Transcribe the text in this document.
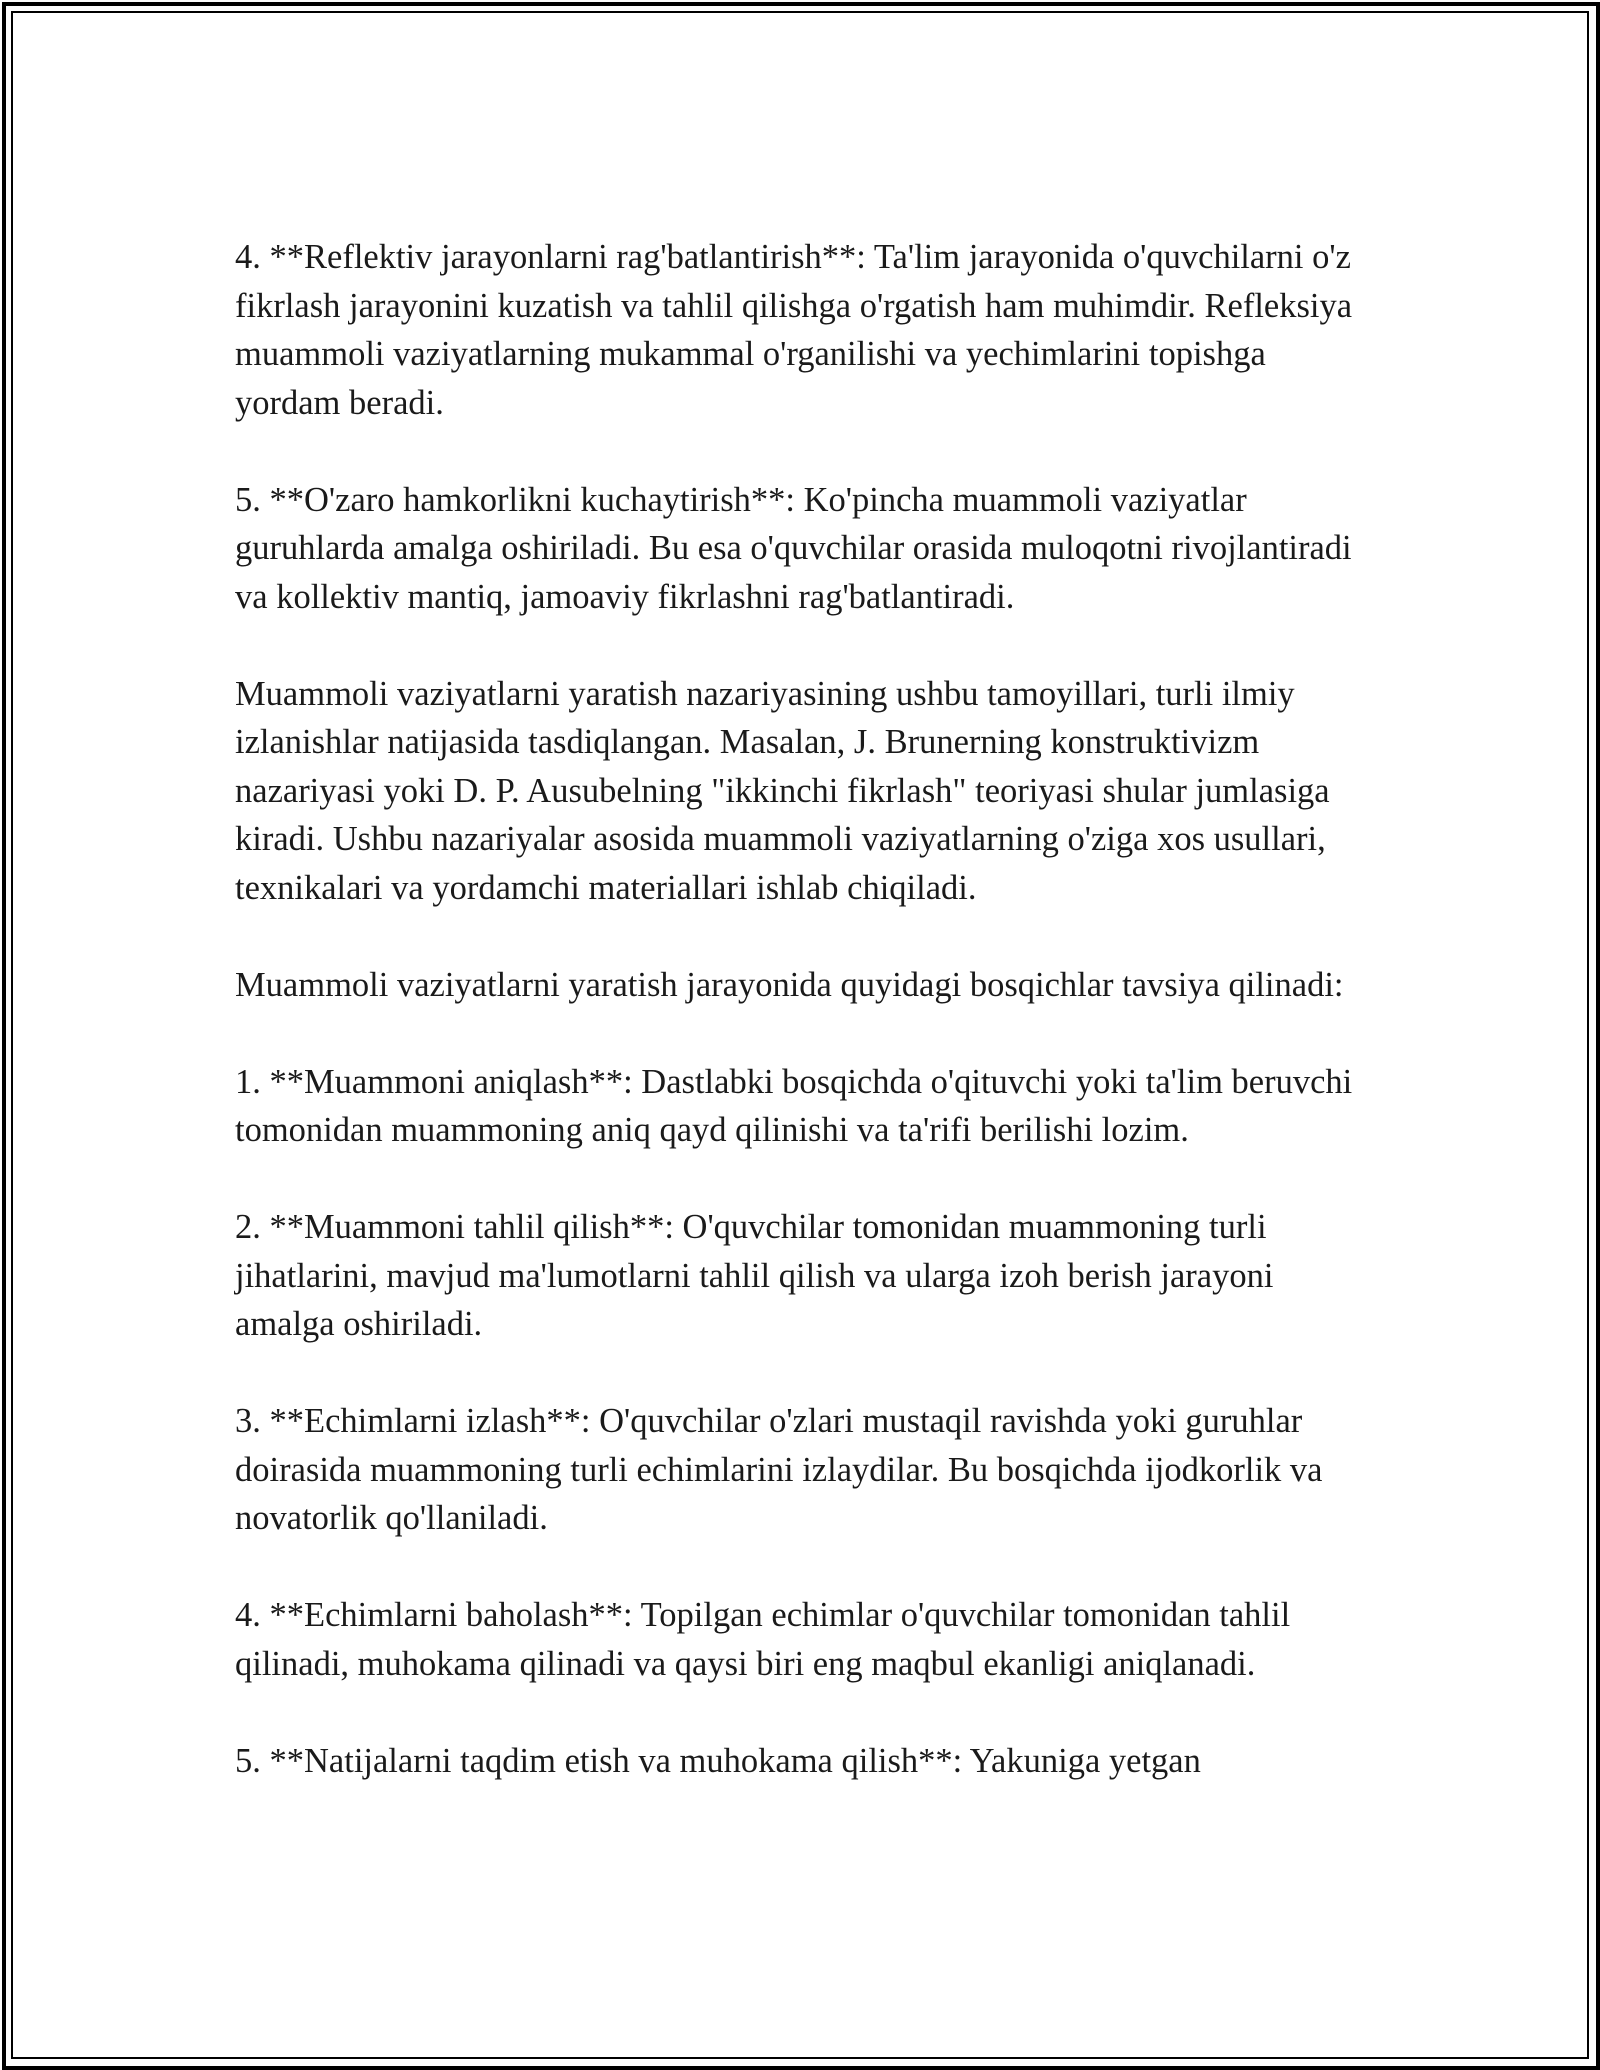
4. **Reflektiv jarayonlarni rag'batlantirish**: Ta'lim jarayonida o'quvchilarni o'z fikrlash jarayonini kuzatish va tahlil qilishga o'rgatish ham muhimdir. Refleksiya muammoli vaziyatlarning mukammal o'rganilishi va yechimlarini topishga yordam beradi.

5. **O'zaro hamkorlikni kuchaytirish**: Ko'pincha muammoli vaziyatlar guruhlarda amalga oshiriladi. Bu esa o'quvchilar orasida muloqotni rivojlantiradi va kollektiv mantiq, jamoaviy fikrlashni rag'batlantiradi.

Muammoli vaziyatlarni yaratish nazariyasining ushbu tamoyillari, turli ilmiy izlanishlar natijasida tasdiqlangan. Masalan, J. Brunerning konstruktivizm nazariyasi yoki D. P. Ausubelning "ikkinchi fikrlash" teoriyasi shular jumlasiga kiradi. Ushbu nazariyalar asosida muammoli vaziyatlarning o'ziga xos usullari, texnikalari va yordamchi materiallari ishlab chiqiladi.

Muammoli vaziyatlarni yaratish jarayonida quyidagi bosqichlar tavsiya qilinadi:

1. **Muammoni aniqlash**: Dastlabki bosqichda o'qituvchi yoki ta'lim beruvchi tomonidan muammoning aniq qayd qilinishi va ta'rifi berilishi lozim.

2. **Muammoni tahlil qilish**: O'quvchilar tomonidan muammoning turli jihatlarini, mavjud ma'lumotlarni tahlil qilish va ularga izoh berish jarayoni amalga oshiriladi.

3. **Echimlarni izlash**: O'quvchilar o'zlari mustaqil ravishda yoki guruhlar doirasida muammoning turli echimlarini izlaydilar. Bu bosqichda ijodkorlik va novatorlik qo'llaniladi.

4. **Echimlarni baholash**: Topilgan echimlar o'quvchilar tomonidan tahlil qilinadi, muhokama qilinadi va qaysi biri eng maqbul ekanligi aniqlanadi.

5. **Natijalarni taqdim etish va muhokama qilish**: Yakuniga yetgan
